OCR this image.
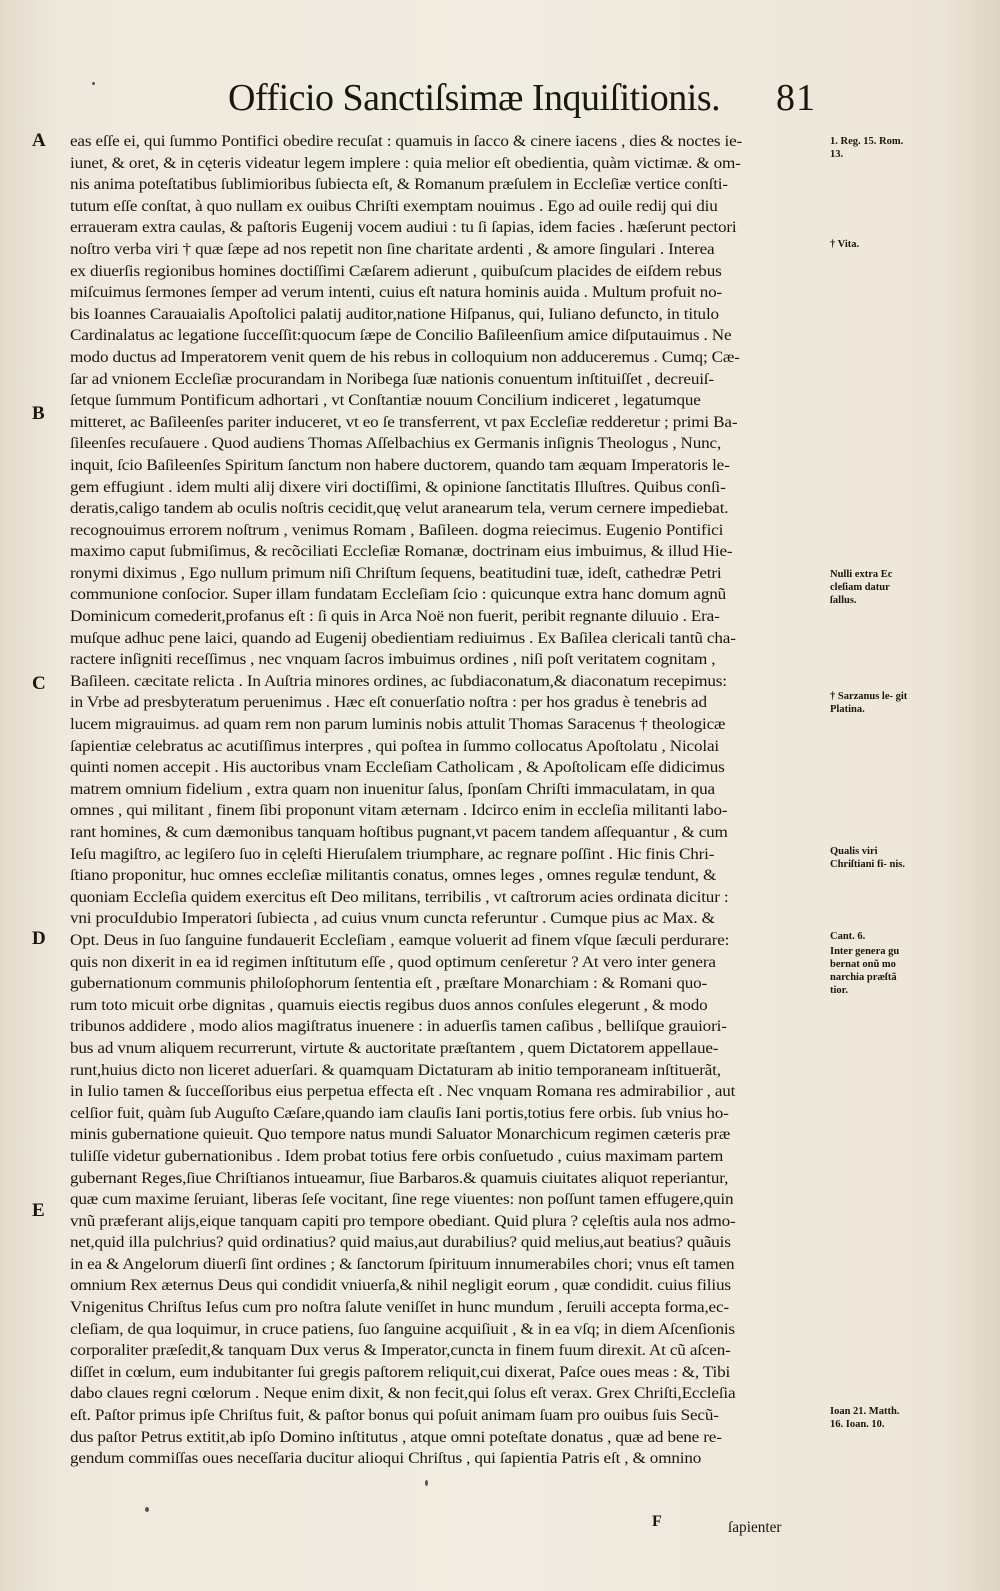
Officio Sanctiſsimæ Inquiſitionis. 81
A
B
C
D
E
eas eſſe ei, qui ſummo Pontifici obedire recuſat : quamuis in ſacco & cinere iacens , dies & noctes ie-
iunet, & oret, & in cęteris videatur legem implere : quia melior eſt obedientia, quàm victimæ. & om-
nis anima poteſtatibus ſublimioribus ſubiecta eſt, & Romanum præſulem in Eccleſiæ vertice conſti-
tutum eſſe conſtat, à quo nullam ex ouibus Chriſti exemptam nouimus . Ego ad ouile redij qui diu
erraueram extra caulas, & paſtoris Eugenij vocem audiui : tu ſi ſapias, idem facies . hæſerunt pectori
noſtro verba viri † quæ ſæpe ad nos repetit non ſine charitate ardenti , & amore ſingulari . Interea
ex diuerſis regionibus homines doctiſſimi Cæſarem adierunt , quibuſcum placides de eiſdem rebus
miſcuimus ſermones ſemper ad verum intenti, cuius eſt natura hominis auida . Multum profuit no-
bis Ioannes Carauaialis Apoſtolici palatij auditor,natione Hiſpanus, qui, Iuliano defuncto, in titulo
Cardinalatus ac legatione ſucceſſit:quocum ſæpe de Concilio Baſileenſium amice diſputauimus . Ne
modo ductus ad Imperatorem venit quem de his rebus in colloquium non adduceremus . Cumq; Cæ-
ſar ad vnionem Eccleſiæ procurandam in Noribega ſuæ nationis conuentum inſtituiſſet , decreuiſ-
ſetque ſummum Pontificum adhortari , vt Conſtantiæ nouum Concilium indiceret , legatumque
mitteret, ac Baſileenſes pariter induceret, vt eo ſe transferrent, vt pax Eccleſiæ redderetur ; primi Ba-
ſileenſes recuſauere . Quod audiens Thomas Aſſelbachius ex Germanis inſignis Theologus , Nunc,
inquit, ſcio Baſileenſes Spiritum ſanctum non habere ductorem, quando tam æquam Imperatoris le-
gem effugiunt . idem multi alij dixere viri doctiſſimi, & opinione ſanctitatis Illuſtres. Quibus conſi-
deratis,caligo tandem ab oculis noſtris cecidit,quę velut aranearum tela, verum cernere impediebat.
recognouimus errorem noſtrum , venimus Romam , Baſileen. dogma reiecimus. Eugenio Pontifici
maximo caput ſubmiſimus, & recõciliati Eccleſiæ Romanæ, doctrinam eius imbuimus, & illud Hie-
ronymi diximus , Ego nullum primum niſi Chriſtum ſequens, beatitudini tuæ, ideſt, cathedræ Petri
communione conſocior. Super illam fundatam Eccleſiam ſcio : quicunque extra hanc domum agnũ
Dominicum comederit,profanus eſt : ſi quis in Arca Noë non fuerit, peribit regnante diluuio . Era-
muſque adhuc pene laici, quando ad Eugenij obedientiam rediuimus . Ex Baſilea clericali tantũ cha-
ractere inſigniti receſſimus , nec vnquam ſacros imbuimus ordines , niſi poſt veritatem cognitam ,
Baſileen. cæcitate relicta . In Auſtria minores ordines, ac ſubdiaconatum,& diaconatum recepimus:
in Vrbe ad presbyteratum peruenimus . Hæc eſt conuerſatio noſtra : per hos gradus è tenebris ad
lucem migrauimus. ad quam rem non parum luminis nobis attulit Thomas Saracenus † theologicæ
ſapientiæ celebratus ac acutiſſimus interpres , qui poſtea in ſummo collocatus Apoſtolatu , Nicolai
quinti nomen accepit . His auctoribus vnam Eccleſiam Catholicam , & Apoſtolicam eſſe didicimus
matrem omnium fidelium , extra quam non inuenitur ſalus, ſponſam Chriſti immaculatam, in qua
omnes , qui militant , finem ſibi proponunt vitam æternam . Idcirco enim in eccleſia militanti labo-
rant homines, & cum dæmonibus tanquam hoſtibus pugnant,vt pacem tandem aſſequantur , & cum
Ieſu magiſtro, ac legiſero ſuo in cęleſti Hieruſalem triumphare, ac regnare poſſint . Hic finis Chri-
ſtiano proponitur, huc omnes eccleſiæ militantis conatus, omnes leges , omnes regulæ tendunt, &
quoniam Eccleſia quidem exercitus eſt Deo militans, terribilis , vt caſtrorum acies ordinata dicitur :
vni procuIdubio Imperatori ſubiecta , ad cuius vnum cuncta referuntur . Cumque pius ac Max. &
Opt. Deus in ſuo ſanguine fundauerit Eccleſiam , eamque voluerit ad finem vſque ſæculi perdurare:
quis non dixerit in ea id regimen inſtitutum eſſe , quod optimum cenſeretur ? At vero inter genera
gubernationum communis philoſophorum ſententia eſt , præſtare Monarchiam : & Romani quo-
rum toto micuit orbe dignitas , quamuis eiectis regibus duos annos conſules elegerunt , & modo
tribunos addidere , modo alios magiſtratus inuenere : in aduerſis tamen caſibus , belliſque grauiori-
bus ad vnum aliquem recurrerunt, virtute & auctoritate præſtantem , quem Dictatorem appellaue-
runt,huius dicto non liceret aduerſari. & quamquam Dictaturam ab initio temporaneam inſtituerãt,
in Iulio tamen & ſucceſſoribus eius perpetua effecta eſt . Nec vnquam Romana res admirabilior , aut
celſior fuit, quàm ſub Auguſto Cæſare,quando iam clauſis Iani portis,totius fere orbis. ſub vnius ho-
minis gubernatione quieuit. Quo tempore natus mundi Saluator Monarchicum regimen cæteris præ
tuliſſe videtur gubernationibus . Idem probat totius fere orbis conſuetudo , cuius maximam partem
gubernant Reges,ſiue Chriſtianos intueamur, ſiue Barbaros.& quamuis ciuitates aliquot reperiantur,
quæ cum maxime ſeruiant, liberas ſeſe vocitant, ſine rege viuentes: non poſſunt tamen effugere,quin
vnũ præferant alijs,eique tanquam capiti pro tempore obediant. Quid plura ? cęleſtis aula nos admo-
net,quid illa pulchrius? quid ordinatius? quid maius,aut durabilius? quid melius,aut beatius? quãuis
in ea & Angelorum diuerſi ſint ordines ; & ſanctorum ſpirituum innumerabiles chori; vnus eſt tamen
omnium Rex æternus Deus qui condidit vniuerſa,& nihil negligit eorum , quæ condidit. cuius filius
Vnigenitus Chriſtus Ieſus cum pro noſtra ſalute veniſſet in hunc mundum , ſeruili accepta forma,ec-
cleſiam, de qua loquimur, in cruce patiens, ſuo ſanguine acquiſiuit , & in ea vſq; in diem Aſcenſionis
corporaliter præſedit,& tanquam Dux verus & Imperator,cuncta in finem fuum direxit. At cũ aſcen-
diſſet in cœlum, eum indubitanter ſui gregis paſtorem reliquit,cui dixerat, Paſce oues meas : &, Tibi
dabo claues regni cœlorum . Neque enim dixit, & non fecit,qui ſolus eſt verax. Grex Chriſti,Eccleſia
eſt. Paſtor primus ipſe Chriſtus fuit, & paſtor bonus qui poſuit animam ſuam pro ouibus ſuis Secũ-
dus paſtor Petrus extitit,ab ipſo Domino inſtitutus , atque omni poteſtate donatus , quæ ad bene re-
gendum commiſſas oues neceſſaria ducitur alioqui Chriſtus , qui ſapientia Patris eſt , & omnino
1. Reg. 15. Rom. 13.
† Vita.
Nulli extra Ec cleſiam datur ſallus.
† Sarzanus le- git Platina.
Qualis viri Chriſtiani fi- nis.
Cant. 6.
Inter genera gu bernat onũ mo narchia præſtã tior.
Ioan 21. Matth. 16. Ioan. 10.
F	ſapienter
